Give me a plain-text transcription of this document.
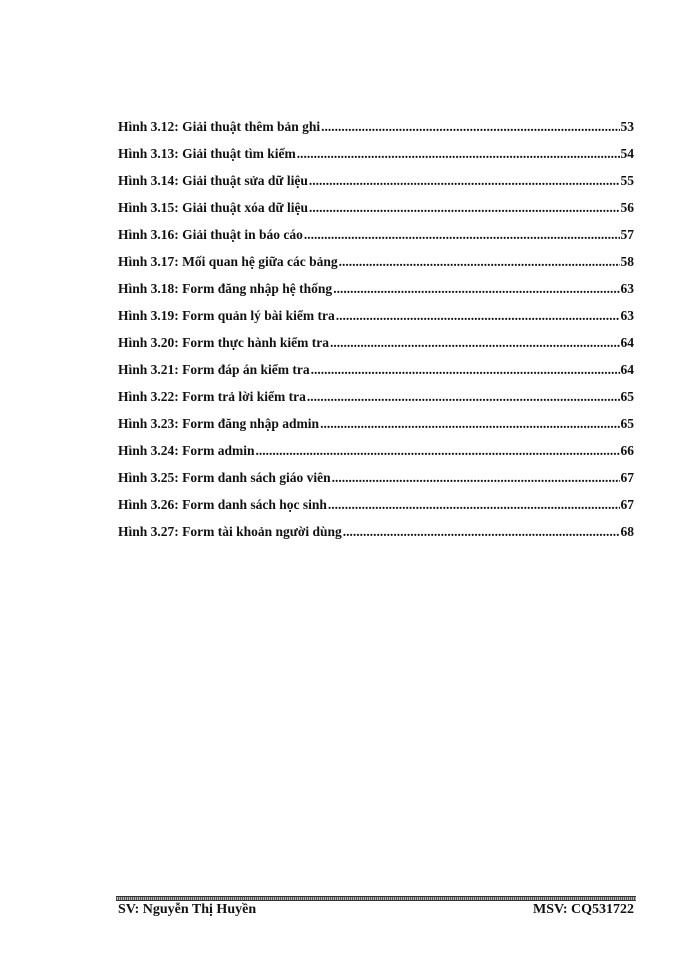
Hình 3.12: Giải thuật thêm bản ghi .....	53
Hình 3.13: Giải thuật tìm kiếm .....	54
Hình 3.14: Giải thuật sửa dữ liệu .....	55
Hình 3.15: Giải thuật xóa dữ liệu .....	56
Hình 3.16: Giải thuật in báo cáo .....	57
Hình 3.17: Mối quan hệ giữa các bảng .....	58
Hình 3.18: Form đăng nhập hệ thống .....	63
Hình 3.19: Form quản lý bài kiểm tra .....	63
Hình 3.20: Form thực hành kiểm tra .....	64
Hình 3.21: Form đáp án kiểm tra .....	64
Hình 3.22: Form trả lời kiểm tra .....	65
Hình 3.23: Form đăng nhập admin .....	65
Hình 3.24: Form admin .....	66
Hình 3.25: Form danh sách giáo viên .....	67
Hình 3.26: Form danh sách học sinh .....	67
Hình 3.27: Form tài khoản người dùng .....	68
SV: Nguyễn Thị Huyền	MSV: CQ531722
